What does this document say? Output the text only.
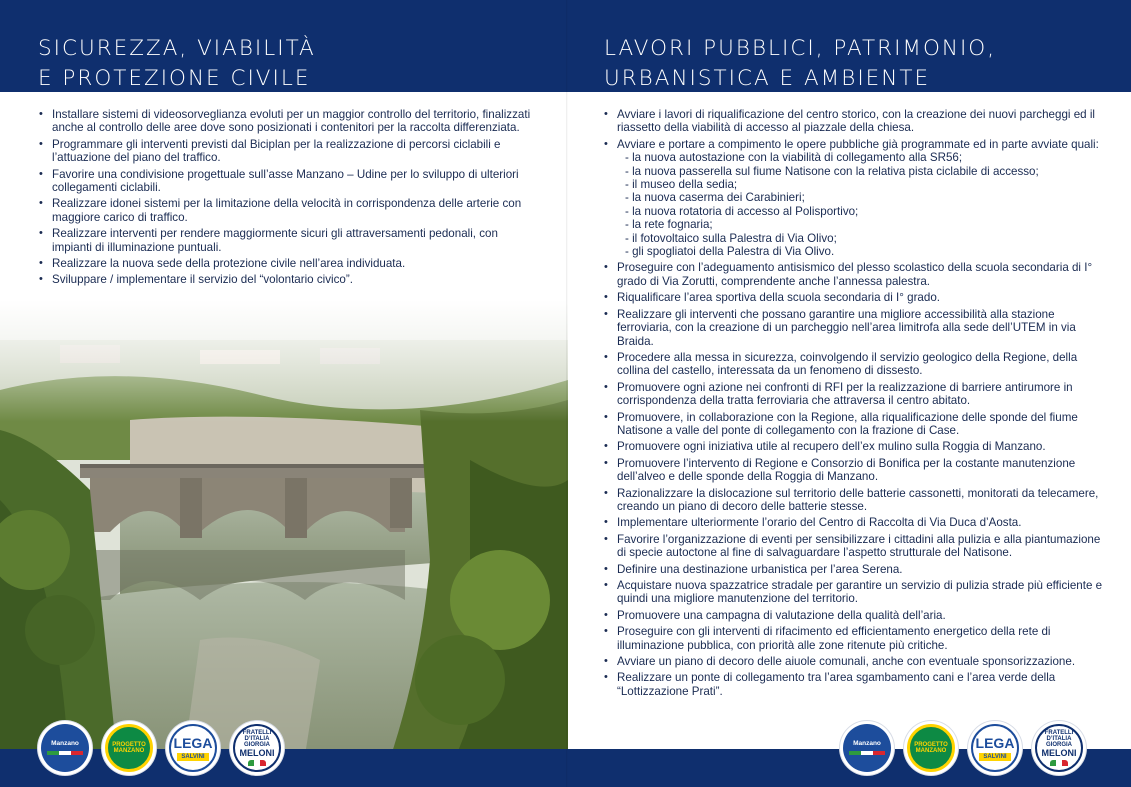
SICUREZZA, VIABILITÀ
E PROTEZIONE CIVILE
• Installare sistemi di videosorveglianza evoluti per un maggior controllo del territorio, finalizzati anche al controllo delle aree dove sono posizionati i contenitori per la raccolta differenziata.
• Programmare gli interventi previsti dal Biciplan per la realizzazione di percorsi ciclabili e l’attuazione del piano del traffico.
• Favorire una condivisione progettuale sull’asse Manzano – Udine per lo sviluppo di ulteriori collegamenti ciclabili.
• Realizzare idonei sistemi per la limitazione della velocità in corrispondenza delle arterie con maggiore carico di traffico.
• Realizzare interventi per rendere maggiormente sicuri gli attraversamenti pedonali, con impianti di illuminazione puntuali.
• Realizzare la nuova sede della protezione civile nell’area individuata.
• Sviluppare / implementare il servizio del “volontario civico”.
Manzano	PROGETTO
MANZANO
LEGA
SALVINI
FRATELLI D’ITALIA
GIORGIA
MELONI
LAVORI PUBBLICI, PATRIMONIO,
URBANISTICA E AMBIENTE
• Avviare i lavori di riqualificazione del centro storico, con la creazione dei nuovi parcheggi ed il riassetto della viabilità di accesso al piazzale della chiesa.
• Avviare e portare a compimento le opere pubbliche già programmate ed in parte avviate quali:
- la nuova autostazione con la viabilità di collegamento alla SR56;
- la nuova passerella sul fiume Natisone con la relativa pista ciclabile di accesso;
- il museo della sedia;
- la nuova caserma dei Carabinieri;
- la nuova rotatoria di accesso al Polisportivo;
- la rete fognaria;
- il fotovoltaico sulla Palestra di Via Olivo;
- gli spogliatoi della Palestra di Via Olivo.
• Proseguire con l’adeguamento antisismico del plesso scolastico della scuola secondaria di I° grado di Via Zorutti, comprendente anche l’annessa palestra.
• Riqualificare l’area sportiva della scuola secondaria di I° grado.
• Realizzare gli interventi che possano garantire una migliore accessibilità alla stazione ferroviaria, con la creazione di un parcheggio nell’area limitrofa alla sede dell’UTEM in via Braida.
• Procedere alla messa in sicurezza, coinvolgendo il servizio geologico della Regione, della collina del castello, interessata da un fenomeno di dissesto.
• Promuovere ogni azione nei confronti di RFI per la realizzazione di barriere antirumore in corrispondenza della tratta ferroviaria che attraversa il centro abitato.
• Promuovere, in collaborazione con la Regione, alla riqualificazione delle sponde del fiume Natisone a valle del ponte di collegamento con la frazione di Case.
• Promuovere ogni iniziativa utile al recupero dell’ex mulino sulla Roggia di Manzano.
• Promuovere l’intervento di Regione e Consorzio di Bonifica per la costante manutenzione dell’alveo e delle sponde della Roggia di Manzano.
• Razionalizzare la dislocazione sul territorio delle batterie cassonetti, monitorati da telecamere, creando un piano di decoro delle batterie stesse.
• Implementare ulteriormente l’orario del Centro di Raccolta di Via Duca d’Aosta.
• Favorire l’organizzazione di eventi per sensibilizzare i cittadini alla pulizia e alla piantumazione di specie autoctone al fine di salvaguardare l’aspetto strutturale del Natisone.
• Definire una destinazione urbanistica per l’area Serena.
• Acquistare nuova spazzatrice stradale per garantire un servizio di pulizia strade più efficiente e quindi una migliore manutenzione del territorio.
• Promuovere una campagna di valutazione della qualità dell’aria.
• Proseguire con gli interventi di rifacimento ed efficientamento energetico della rete di illuminazione pubblica, con priorità alle zone ritenute più critiche.
• Avviare un piano di decoro delle aiuole comunali, anche con eventuale sponsorizzazione.
• Realizzare un ponte di collegamento tra l’area sgambamento cani e l’area verde della “Lottizzazione Prati”.
Manzano	PROGETTO
MANZANO
LEGA
SALVINI
FRATELLI D’ITALIA
GIORGIA
MELONI
